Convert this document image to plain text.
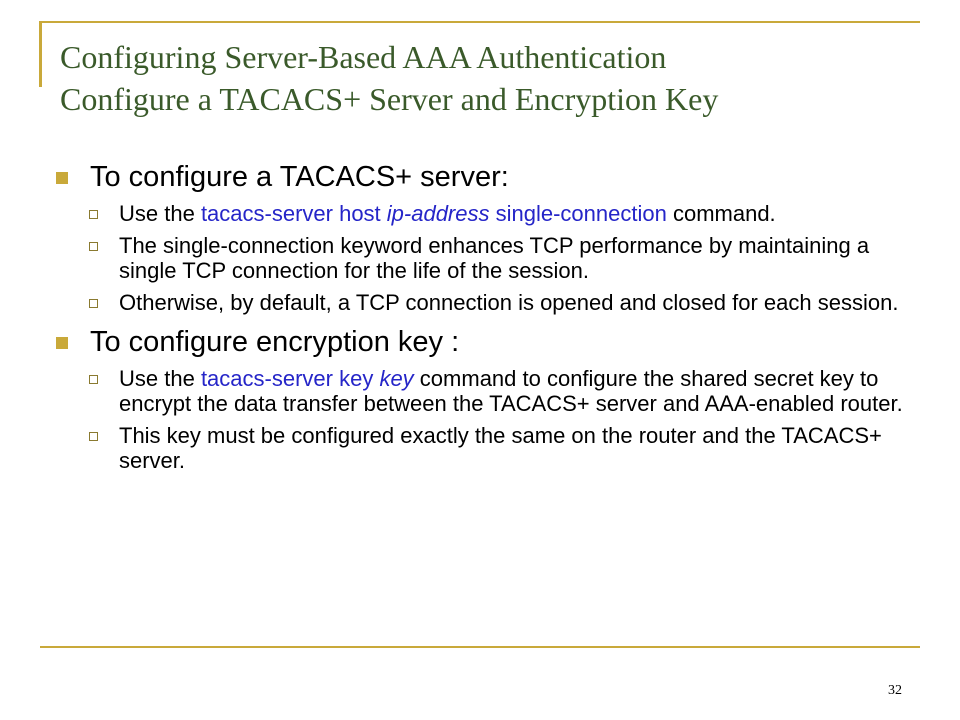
Configuring Server-Based AAA Authentication
Configure a TACACS+ Server and Encryption Key
To configure a TACACS+ server:
Use the tacacs-server host ip-address single-connection command.
The single-connection keyword enhances TCP performance by maintaining a single TCP connection for the life of the session.
Otherwise, by default, a TCP connection is opened and closed for each session.
To configure encryption key :
Use the tacacs-server key key command to configure the shared secret key to encrypt the data transfer between the TACACS+ server and AAA-enabled router.
This key must be configured exactly the same on the router and the TACACS+ server.
32
